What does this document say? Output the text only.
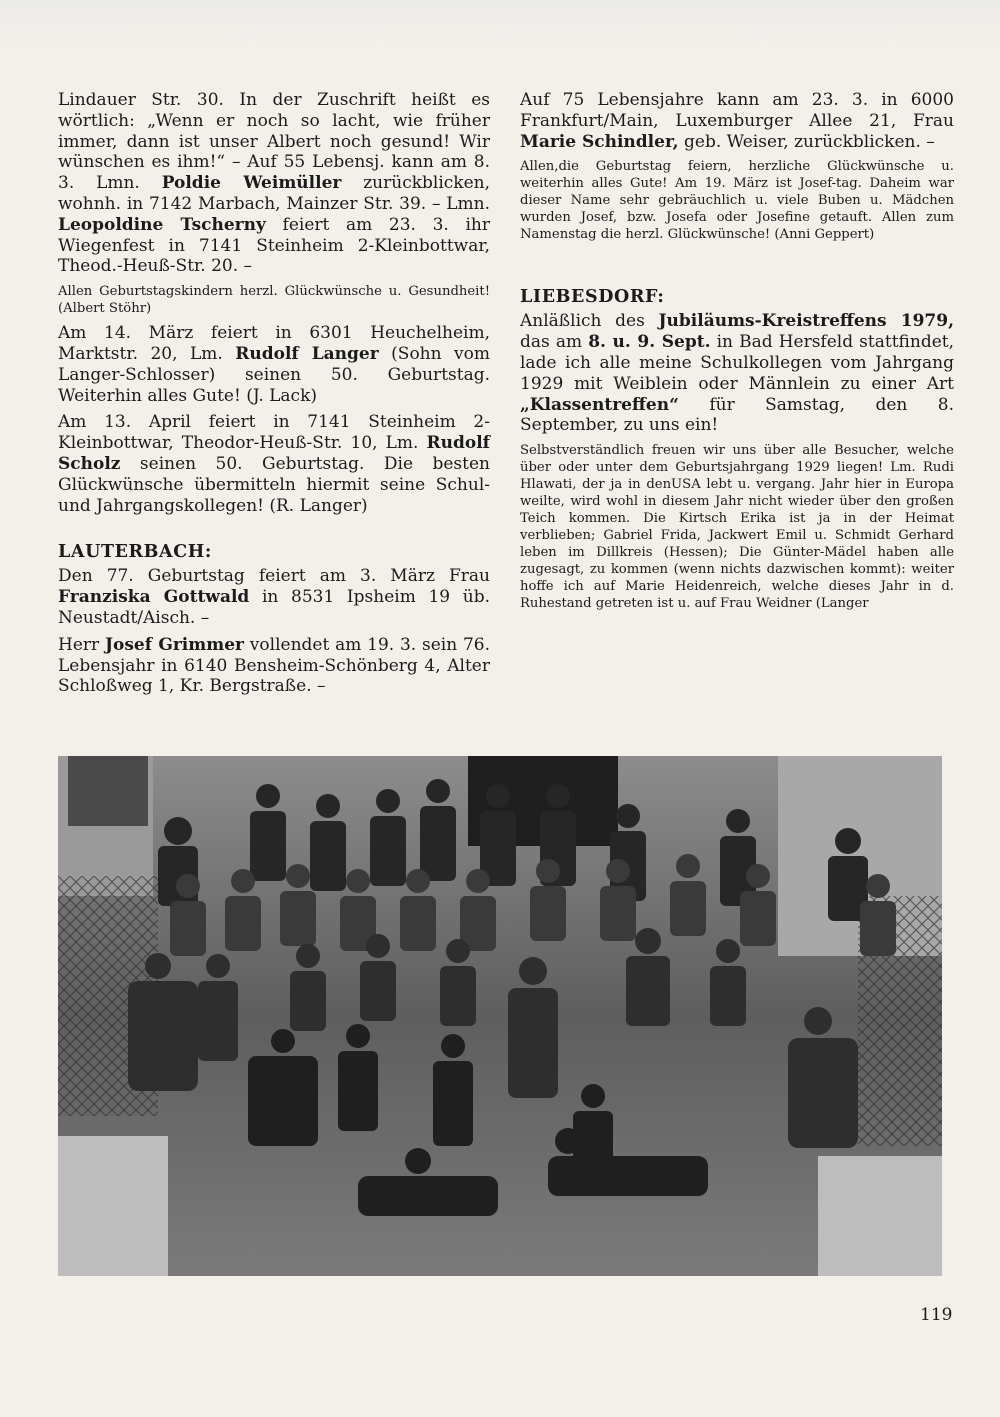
Lindauer Str. 30. In der Zuschrift heißt es wörtlich: „Wenn er noch so lacht, wie früher immer, dann ist unser Albert noch gesund! Wir wünschen es ihm!“ – Auf 55 Lebensj. kann am 8. 3. Lmn. Poldie Weimüller zurückblicken, wohnh. in 7142 Marbach, Mainzer Str. 39. – Lmn. Leopoldine Tscherny feiert am 23. 3. ihr Wiegenfest in 7141 Steinheim 2-Kleinbottwar, Theod.-Heuß-Str. 20. –

Allen Geburtstagskindern herzl. Glückwünsche u. Gesundheit! (Albert Stöhr)

Am 14. März feiert in 6301 Heuchelheim, Marktstr. 20, Lm. Rudolf Langer (Sohn vom Langer-Schlosser) seinen 50. Geburtstag. Weiterhin alles Gute! (J. Lack)

Am 13. April feiert in 7141 Steinheim 2-Kleinbottwar, Theodor-Heuß-Str. 10, Lm. Rudolf Scholz seinen 50. Geburtstag. Die besten Glückwünsche übermitteln hiermit seine Schul- und Jahrgangskollegen! (R. Langer)

LAUTERBACH:

Den 77. Geburtstag feiert am 3. März Frau Franziska Gottwald in 8531 Ipsheim 19 üb. Neustadt/Aisch. –

Herr Josef Grimmer vollendet am 19. 3. sein 76. Lebensjahr in 6140 Bensheim-Schönberg 4, Alter Schloßweg 1, Kr. Bergstraße. –

Auf 75 Lebensjahre kann am 23. 3. in 6000 Frankfurt/Main, Luxemburger Allee 21, Frau Marie Schindler, geb. Weiser, zurückblicken. –

Allen,die Geburtstag feiern, herzliche Glückwünsche u. weiterhin alles Gute! Am 19. März ist Josef-tag. Daheim war dieser Name sehr gebräuchlich u. viele Buben u. Mädchen wurden Josef, bzw. Josefa oder Josefine getauft. Allen zum Namenstag die herzl. Glückwünsche! (Anni Geppert)

LIEBESDORF:

Anläßlich des Jubiläums-Kreistreffens 1979, das am 8. u. 9. Sept. in Bad Hersfeld stattfindet, lade ich alle meine Schulkollegen vom Jahrgang 1929 mit Weiblein oder Männlein zu einer Art „Klassentreffen“ für Samstag, den 8. September, zu uns ein!

Selbstverständlich freuen wir uns über alle Besucher, welche über oder unter dem Geburtsjahrgang 1929 liegen! Lm. Rudi Hlawati, der ja in denUSA lebt u. vergang. Jahr hier in Europa weilte, wird wohl in diesem Jahr nicht wieder über den großen Teich kommen. Die Kirtsch Erika ist ja in der Heimat verblieben; Gabriel Frida, Jackwert Emil u. Schmidt Gerhard leben im Dillkreis (Hessen); Die Günter-Mädel haben alle zugesagt, zu kommen (wenn nichts dazwischen kommt): weiter hoffe ich auf Marie Heidenreich, welche dieses Jahr in d. Ruhestand getreten ist u. auf Frau Weidner (Langer

119
